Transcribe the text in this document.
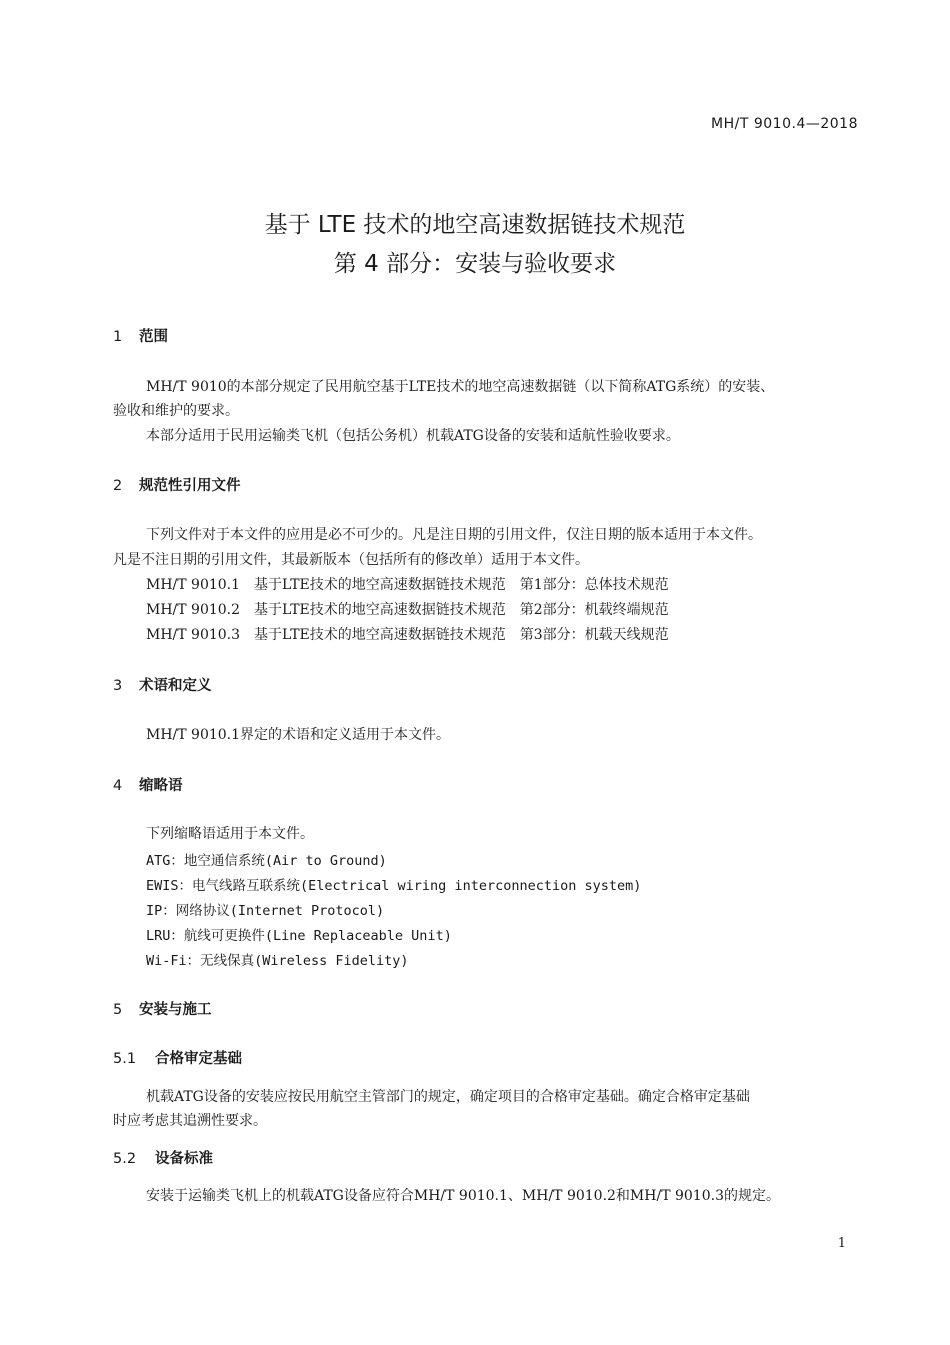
MH/T 9010.4—2018
基于 LTE 技术的地空高速数据链技术规范
第 4 部分：安装与验收要求
1 范围
MH/T 9010的本部分规定了民用航空基于LTE技术的地空高速数据链（以下简称ATG系统）的安装、
验收和维护的要求。
本部分适用于民用运输类飞机（包括公务机）机载ATG设备的安装和适航性验收要求。
2 规范性引用文件
下列文件对于本文件的应用是必不可少的。凡是注日期的引用文件，仅注日期的版本适用于本文件。
凡是不注日期的引用文件，其最新版本（包括所有的修改单）适用于本文件。
MH/T 9010.1　基于LTE技术的地空高速数据链技术规范　第1部分：总体技术规范
MH/T 9010.2　基于LTE技术的地空高速数据链技术规范　第2部分：机载终端规范
MH/T 9010.3　基于LTE技术的地空高速数据链技术规范　第3部分：机载天线规范
3 术语和定义
MH/T 9010.1界定的术语和定义适用于本文件。
4 缩略语
下列缩略语适用于本文件。
ATG：地空通信系统(Air to Ground)
EWIS：电气线路互联系统(Electrical wiring interconnection system)
IP：网络协议(Internet Protocol)
LRU：航线可更换件(Line Replaceable Unit)
Wi-Fi：无线保真(Wireless Fidelity)
5 安装与施工
5.1 合格审定基础
机载ATG设备的安装应按民用航空主管部门的规定，确定项目的合格审定基础。确定合格审定基础
时应考虑其追溯性要求。
5.2 设备标准
安装于运输类飞机上的机载ATG设备应符合MH/T 9010.1、MH/T 9010.2和MH/T 9010.3的规定。
1
